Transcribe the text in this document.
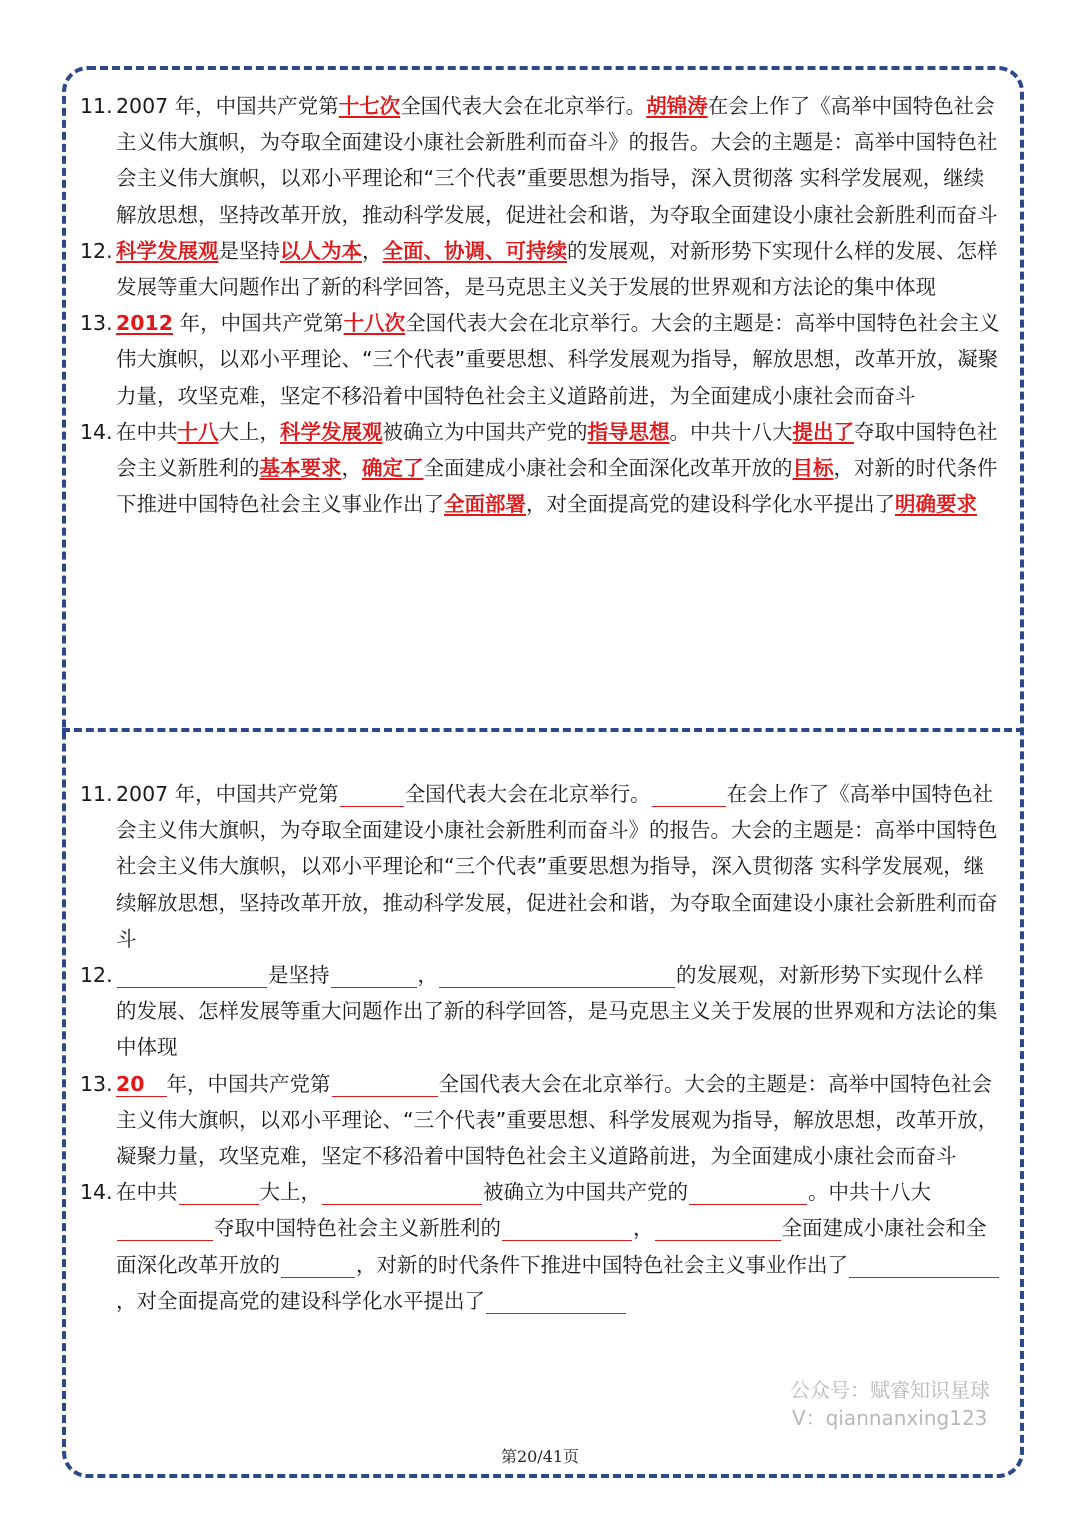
11. 2007 年，中国共产党第十七次全国代表大会在北京举行。胡锦涛在会上作了《高举中国特色社会主义伟大旗帜，为夺取全面建设小康社会新胜利而奋斗》的报告。大会的主题是：高举中国特色社会主义伟大旗帜，以邓小平理论和“三个代表”重要思想为指导，深入贯彻落 实科学发展观，继续解放思想，坚持改革开放，推动科学发展，促进社会和谐，为夺取全面建设小康社会新胜利而奋斗
12. 科学发展观是坚持以人为本，全面、协调、可持续的发展观，对新形势下实现什么样的发展、怎样发展等重大问题作出了新的科学回答，是马克思主义关于发展的世界观和方法论的集中体现
13. 2012 年，中国共产党第十八次全国代表大会在北京举行。大会的主题是：高举中国特色社会主义伟大旗帜，以邓小平理论、“三个代表”重要思想、科学发展观为指导，解放思想，改革开放，凝聚力量，攻坚克难，坚定不移沿着中国特色社会主义道路前进，为全面建成小康社会而奋斗
14. 在中共十八大上，科学发展观被确立为中国共产党的指导思想。中共十八大提出了夺取中国特色社会主义新胜利的基本要求，确定了全面建成小康社会和全面深化改革开放的目标，对新的时代条件下推进中国特色社会主义事业作出了全面部署，对全面提高党的建设科学化水平提出了明确要求
11. 2007 年，中国共产党第	全国代表大会在北京举行。	在会上作了《高举中国特色社会主义伟大旗帜，为夺取全面建设小康社会新胜利而奋斗》的报告。大会的主题是：高举中国特色社会主义伟大旗帜，以邓小平理论和“三个代表”重要思想为指导，深入贯彻落 实科学发展观，继续解放思想，坚持改革开放，推动科学发展，促进社会和谐，为夺取全面建设小康社会新胜利而奋斗
12.	是坚持	，	的发展观，对新形势下实现什么样的发展、怎样发展等重大问题作出了新的科学回答，是马克思主义关于发展的世界观和方法论的集中体现
13. 20 年，中国共产党第	全国代表大会在北京举行。大会的主题是：高举中国特色社会主义伟大旗帜，以邓小平理论、“三个代表”重要思想、科学发展观为指导，解放思想，改革开放，凝聚力量，攻坚克难，坚定不移沿着中国特色社会主义道路前进，为全面建成小康社会而奋斗
14. 在中共	大上，	被确立为中国共产党的	。中共十八大夺取中国特色社会主义新胜利的	，	全面建成小康社会和全面深化改革开放的	，对新的时代条件下推进中国特色社会主义事业作出了，对全面提高党的建设科学化水平提出了
公众号：赋睿知识星球
V：qiannanxing123
第20/41页
